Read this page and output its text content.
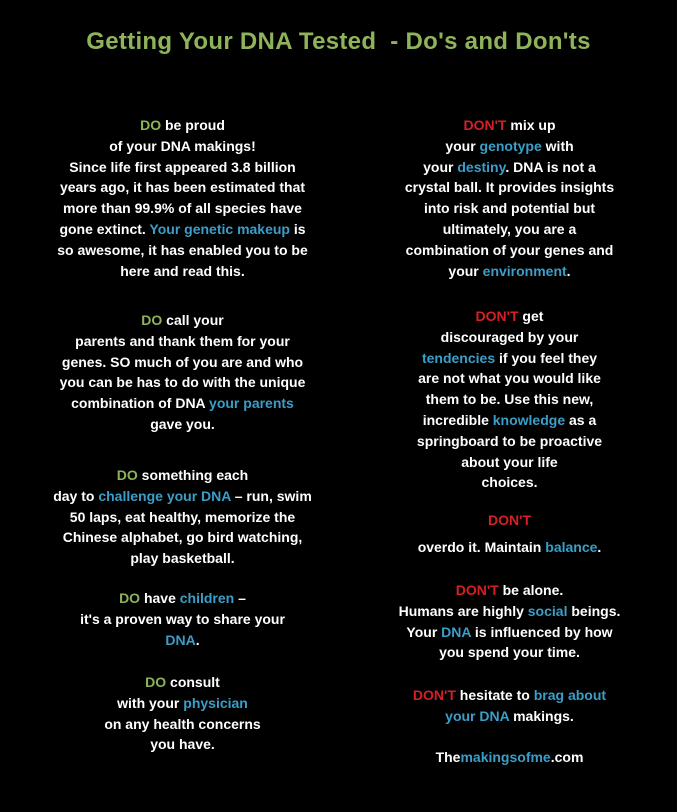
Getting Your DNA Tested  - Do's and Don'ts
DO be proud
of your DNA makings!
Since life first appeared 3.8 billion
years ago, it has been estimated that
more than 99.9% of all species have
gone extinct. Your genetic makeup is
so awesome, it has enabled you to be
here and read this.
DO call your
parents and thank them for your
genes. SO much of you are and who
you can be has to do with the unique
combination of DNA your parents
gave you.
DO something each
day to challenge your DNA – run, swim
50 laps, eat healthy, memorize the
Chinese alphabet, go bird watching,
play basketball.
DO have children –
it's a proven way to share your
DNA.
DO consult
with your physician
on any health concerns
you have.
DON'T mix up
your genotype with
your destiny. DNA is not a
crystal ball. It provides insights
into risk and potential but
ultimately, you are a
combination of your genes and
your environment.
DON'T get
discouraged by your
tendencies if you feel they
are not what you would like
them to be. Use this new,
incredible knowledge as a
springboard to be proactive
about your life
choices.
DON'T
overdo it. Maintain balance.
DON'T be alone.
Humans are highly social beings.
Your DNA is influenced by how
you spend your time.
DON'T hesitate to brag about
your DNA makings.
Themakingsofme.com
